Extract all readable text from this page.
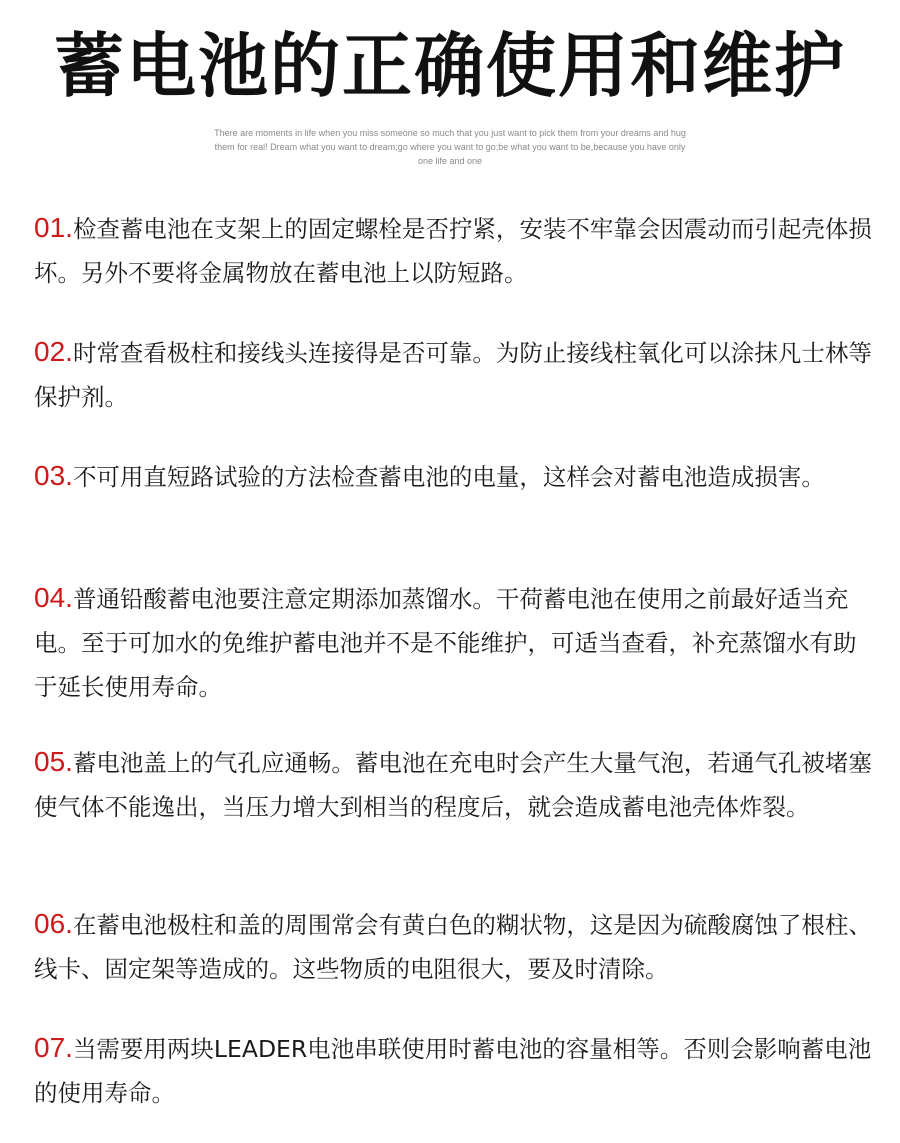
蓄电池的正确使用和维护
There are moments in life when you miss someone so much that you just want to pick them from your dreams and hug them for real! Dream what you want to dream;go where you want to go;be what you want to be,because you have only one life and one
01.检查蓄电池在支架上的固定螺栓是否拧紧，安装不牢靠会因震动而引起壳体损坏。另外不要将金属物放在蓄电池上以防短路。
02.时常查看极柱和接线头连接得是否可靠。为防止接线柱氧化可以涂抹凡士林等保护剂。
03.不可用直短路试验的方法检查蓄电池的电量，这样会对蓄电池造成损害。
04.普通铅酸蓄电池要注意定期添加蒸馏水。干荷蓄电池在使用之前最好适当充电。至于可加水的免维护蓄电池并不是不能维护，可适当查看，补充蒸馏水有助于延长使用寿命。
05.蓄电池盖上的气孔应通畅。蓄电池在充电时会产生大量气泡，若通气孔被堵塞使气体不能逸出，当压力增大到相当的程度后，就会造成蓄电池壳体炸裂。
06.在蓄电池极柱和盖的周围常会有黄白色的糊状物，这是因为硫酸腐蚀了根柱、线卡、固定架等造成的。这些物质的电阻很大，要及时清除。
07.当需要用两块LEADER电池串联使用时蓄电池的容量相等。否则会影响蓄电池的使用寿命。
